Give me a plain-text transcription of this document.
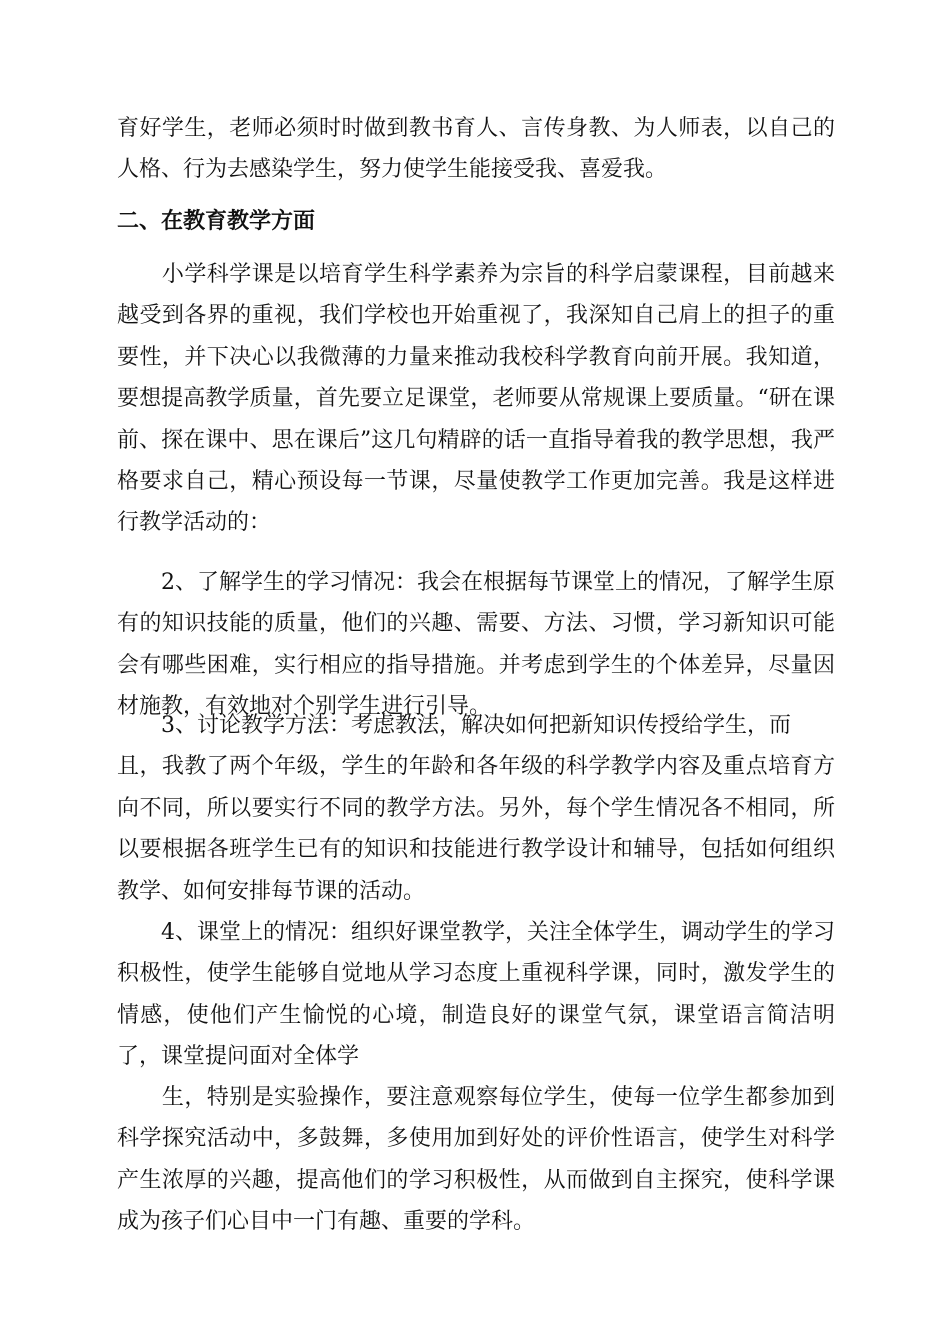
育好学生，老师必须时时做到教书育人、言传身教、为人师表，以自己的人格、行为去感染学生，努力使学生能接受我、喜爱我。

二、在教育教学方面

　　小学科学课是以培育学生科学素养为宗旨的科学启蒙课程，目前越来越受到各界的重视，我们学校也开始重视了，我深知自己肩上的担子的重要性，并下决心以我微薄的力量来推动我校科学教育向前开展。我知道，要想提高教学质量，首先要立足课堂，老师要从常规课上要质量。“研在课前、探在课中、思在课后”这几句精辟的话一直指导着我的教学思想，我严格要求自己，精心预设每一节课，尽量使教学工作更加完善。我是这样进行教学活动的：

　　2、了解学生的学习情况：我会在根据每节课堂上的情况，了解学生原有的知识技能的质量，他们的兴趣、需要、方法、习惯，学习新知识可能会有哪些困难，实行相应的指导措施。并考虑到学生的个体差异，尽量因材施教，有效地对个别学生进行引导。

　　3、讨论教学方法：考虑教法，解决如何把新知识传授给学生，而
且，我教了两个年级，学生的年龄和各年级的科学教学内容及重点培育方向不同，所以要实行不同的教学方法。另外，每个学生情况各不相同，所以要根据各班学生已有的知识和技能进行教学设计和辅导，包括如何组织教学、如何安排每节课的活动。

　　4、课堂上的情况：组织好课堂教学，关注全体学生，调动学生的学习积极性，使学生能够自觉地从学习态度上重视科学课，同时，激发学生的情感，使他们产生愉悦的心境，制造良好的课堂气氛，课堂语言简洁明了，课堂提问面对全体学

　　生，特别是实验操作，要注意观察每位学生，使每一位学生都参加到科学探究活动中，多鼓舞，多使用加到好处的评价性语言，使学生对科学产生浓厚的兴趣，提高他们的学习积极性，从而做到自主探究，使科学课成为孩子们心目中一门有趣、重要的学科。
